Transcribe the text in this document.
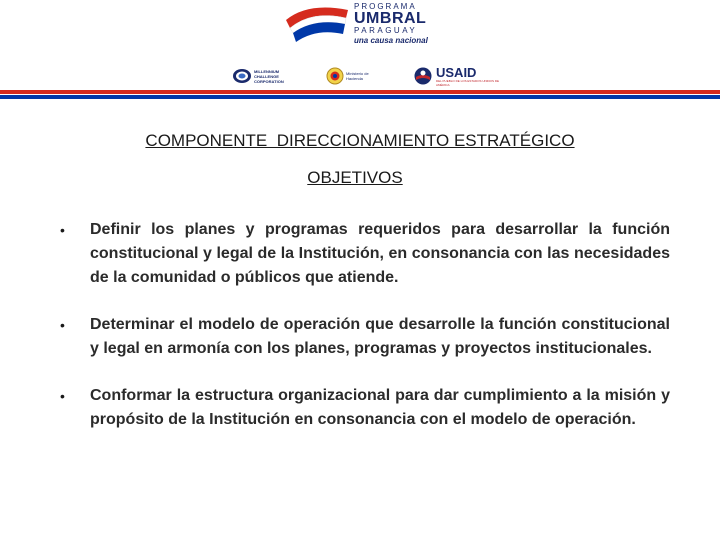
PROGRAMA
UMBRAL
PARAGUAY
una causa nacional
MILLENNIUM CHALLENGE CORPORATION
Ministerio de Hacienda	USAID
DEL PUEBLO DE LOS ESTADOS UNIDOS DE AMÉRICA
COMPONENTE  DIRECCIONAMIENTO ESTRATÉGICO
OBJETIVOS
• Definir los planes y programas requeridos para desarrollar la función constitucional y legal de la Institución, en consonancia con las necesidades de la comunidad o públicos que atiende.
• Determinar el modelo de operación que desarrolle la función constitucional y legal en armonía con los planes, programas y proyectos institucionales.
• Conformar la estructura organizacional para dar cumplimiento a la misión y propósito de la Institución en consonancia con el modelo de operación.
